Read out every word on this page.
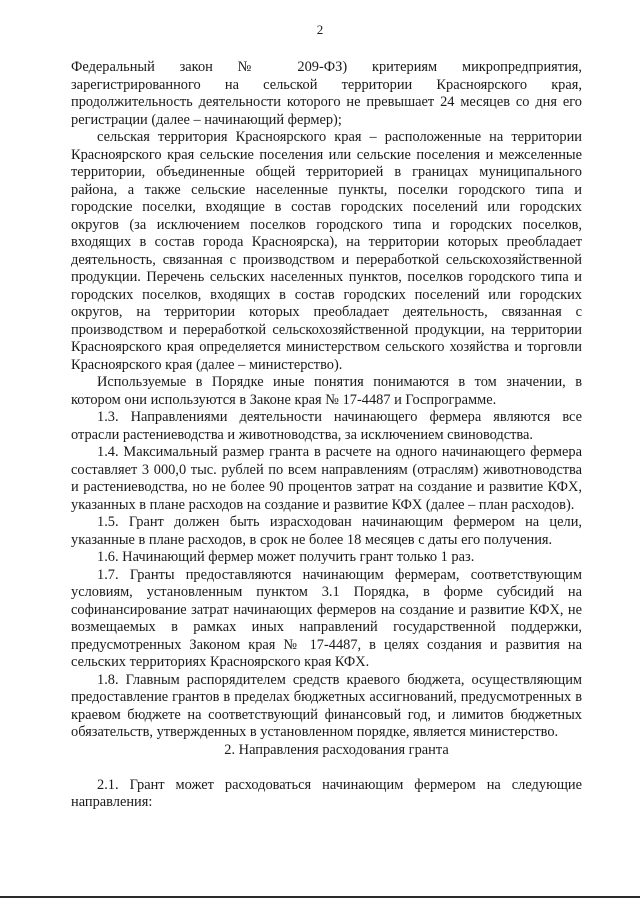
2

Федеральный закон № 209-ФЗ) критериям микропредприятия, зарегистрированного на сельской территории Красноярского края, продолжительность деятельности которого не превышает 24 месяцев со дня его регистрации (далее – начинающий фермер);

сельская территория Красноярского края – расположенные на территории Красноярского края сельские поселения или сельские поселения и межселенные территории, объединенные общей территорией в границах муниципального района, а также сельские населенные пункты, поселки городского типа и городские поселки, входящие в состав городских поселений или городских округов (за исключением поселков городского типа и городских поселков, входящих в состав города Красноярска), на территории которых преобладает деятельность, связанная с производством и переработкой сельскохозяйственной продукции. Перечень сельских населенных пунктов, поселков городского типа и городских поселков, входящих в состав городских поселений или городских округов, на территории которых преобладает деятельность, связанная с производством и переработкой сельскохозяйственной продукции, на территории Красноярского края определяется министерством сельского хозяйства и торговли Красноярского края (далее – министерство).

Используемые в Порядке иные понятия понимаются в том значении, в котором они используются в Законе края № 17-4487 и Госпрограмме.

1.3. Направлениями деятельности начинающего фермера являются все отрасли растениеводства и животноводства, за исключением свиноводства.

1.4. Максимальный размер гранта в расчете на одного начинающего фермера составляет 3 000,0 тыс. рублей по всем направлениям (отраслям) животноводства и растениеводства, но не более 90 процентов затрат на создание и развитие КФХ, указанных в плане расходов на создание и развитие КФХ (далее – план расходов).

1.5. Грант должен быть израсходован начинающим фермером на цели, указанные в плане расходов, в срок не более 18 месяцев с даты его получения.

1.6. Начинающий фермер может получить грант только 1 раз.

1.7. Гранты предоставляются начинающим фермерам, соответствующим условиям, установленным пунктом 3.1 Порядка, в форме субсидий на софинансирование затрат начинающих фермеров на создание и развитие КФХ, не возмещаемых в рамках иных направлений государственной поддержки, предусмотренных Законом края № 17-4487, в целях создания и развития на сельских территориях Красноярского края КФХ.

1.8. Главным распорядителем средств краевого бюджета, осуществляющим предоставление грантов в пределах бюджетных ассигнований, предусмотренных в краевом бюджете на соответствующий финансовый год, и лимитов бюджетных обязательств, утвержденных в установленном порядке, является министерство.

2. Направления расходования гранта

2.1. Грант может расходоваться начинающим фермером на следующие направления:
